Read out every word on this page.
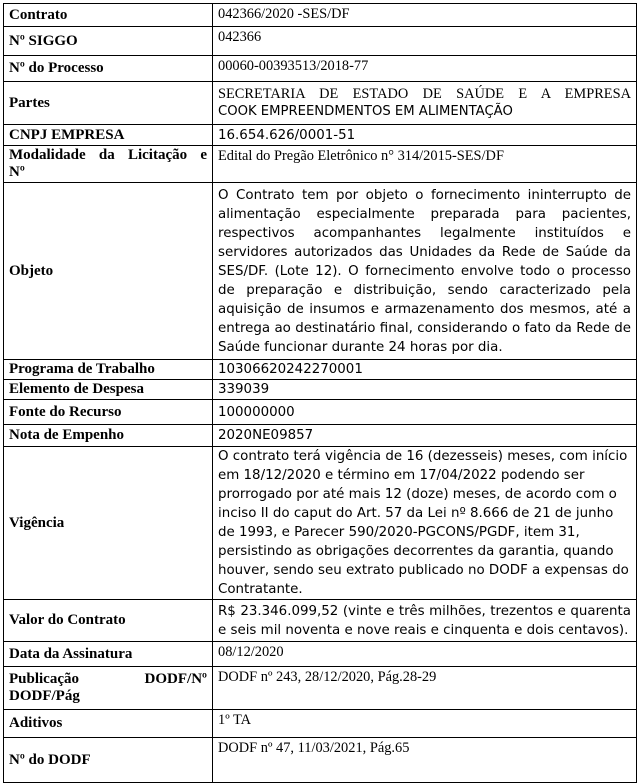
Contrato	042366/2020 -SES/DF
Nº SIGGO	042366
Nº do Processo	00060-00393513/2018-77
Partes	SECRETARIA DE ESTADO DE SAÚDE E A EMPRESA
COOK EMPREENDMENTOS EM ALIMENTAÇÃO

CNPJ EMPRESA	16.654.626/0001-51

Modalidade da Licitação e
Nº	Edital do Pregão Eletrônico n° 314/2015-SES/DF
Objeto	O Contrato tem por objeto o fornecimento ininterrupto de alimentação especialmente preparada para pacientes, respectivos acompanhantes legalmente instituídos e servidores autorizados das Unidades da Rede de Saúde da SES/DF. (Lote 12). O fornecimento envolve todo o processo de preparação e distribuição, sendo caracterizado pela aquisição de insumos e armazenamento dos mesmos, até a entrega ao destinatário final, considerando o fato da Rede de Saúde funcionar durante 24 horas por dia.
Programa de Trabalho	10306620242270001
Elemento de Despesa	339039
Fonte do Recurso	100000000
Nota de Empenho	2020NE09857
Vigência	O contrato terá vigência de 16 (dezesseis) meses, com início em 18/12/2020 e término em 17/04/2022 podendo ser prorrogado por até mais 12 (doze) meses, de acordo com o inciso II do caput do Art. 57 da Lei nº 8.666 de 21 de junho de 1993, e Parecer 590/2020-PGCONS/PGDF, item 31, persistindo as obrigações decorrentes da garantia, quando houver, sendo seu extrato publicado no DODF a expensas do Contratante.
Valor do Contrato	R$ 23.346.099,52 (vinte e três milhões, trezentos e quarenta e seis mil noventa e nove reais e cinquenta e dois centavos).
Data da Assinatura	08/12/2020

Publicação DODF/Nº
DODF/Pág	DODF nº 243, 28/12/2020, Pág.28-29
Aditivos	1º TA
Nº do DODF	DODF nº 47, 11/03/2021, Pág.65
